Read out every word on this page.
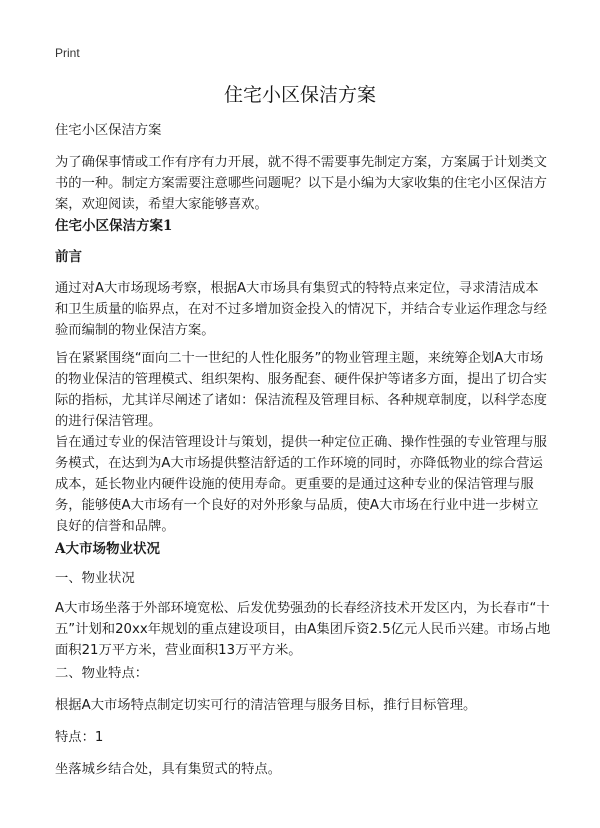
Print
住宅小区保洁方案

住宅小区保洁方案

为了确保事情或工作有序有力开展，就不得不需要事先制定方案，方案属于计划类文书的一种。制定方案需要注意哪些问题呢？以下是小编为大家收集的住宅小区保洁方案，欢迎阅读，希望大家能够喜欢。

住宅小区保洁方案1

前言

通过对A大市场现场考察，根据A大市场具有集贸式的特特点来定位，寻求清洁成本和卫生质量的临界点，在对不过多增加资金投入的情况下，并结合专业运作理念与经验而编制的物业保洁方案。

旨在紧紧围绕“面向二十一世纪的人性化服务”的物业管理主题，来统筹企划A大市场的物业保洁的管理模式、组织架构、服务配套、硬件保护等诸多方面，提出了切合实际的指标，尤其详尽阐述了诸如：保洁流程及管理目标、各种规章制度，以科学态度的进行保洁管理。

旨在通过专业的保洁管理设计与策划，提供一种定位正确、操作性强的专业管理与服务模式，在达到为A大市场提供整洁舒适的工作环境的同时，亦降低物业的综合营运成本，延长物业内硬件设施的使用寿命。更重要的是通过这种专业的保洁管理与服务，能够使A大市场有一个良好的对外形象与品质，使A大市场在行业中进一步树立良好的信誉和品牌。

A大市场物业状况

一、物业状况

A大市场坐落于外部环境宽松、后发优势强劲的长春经济技术开发区内，为长春市“十五”计划和20xx年规划的重点建设项目，由A集团斥资2.5亿元人民币兴建。市场占地面积21万平方米，营业面积13万平方米。

二、物业特点：

根据A大市场特点制定切实可行的清洁管理与服务目标，推行目标管理。

特点：1

坐落城乡结合处，具有集贸式的特点。
